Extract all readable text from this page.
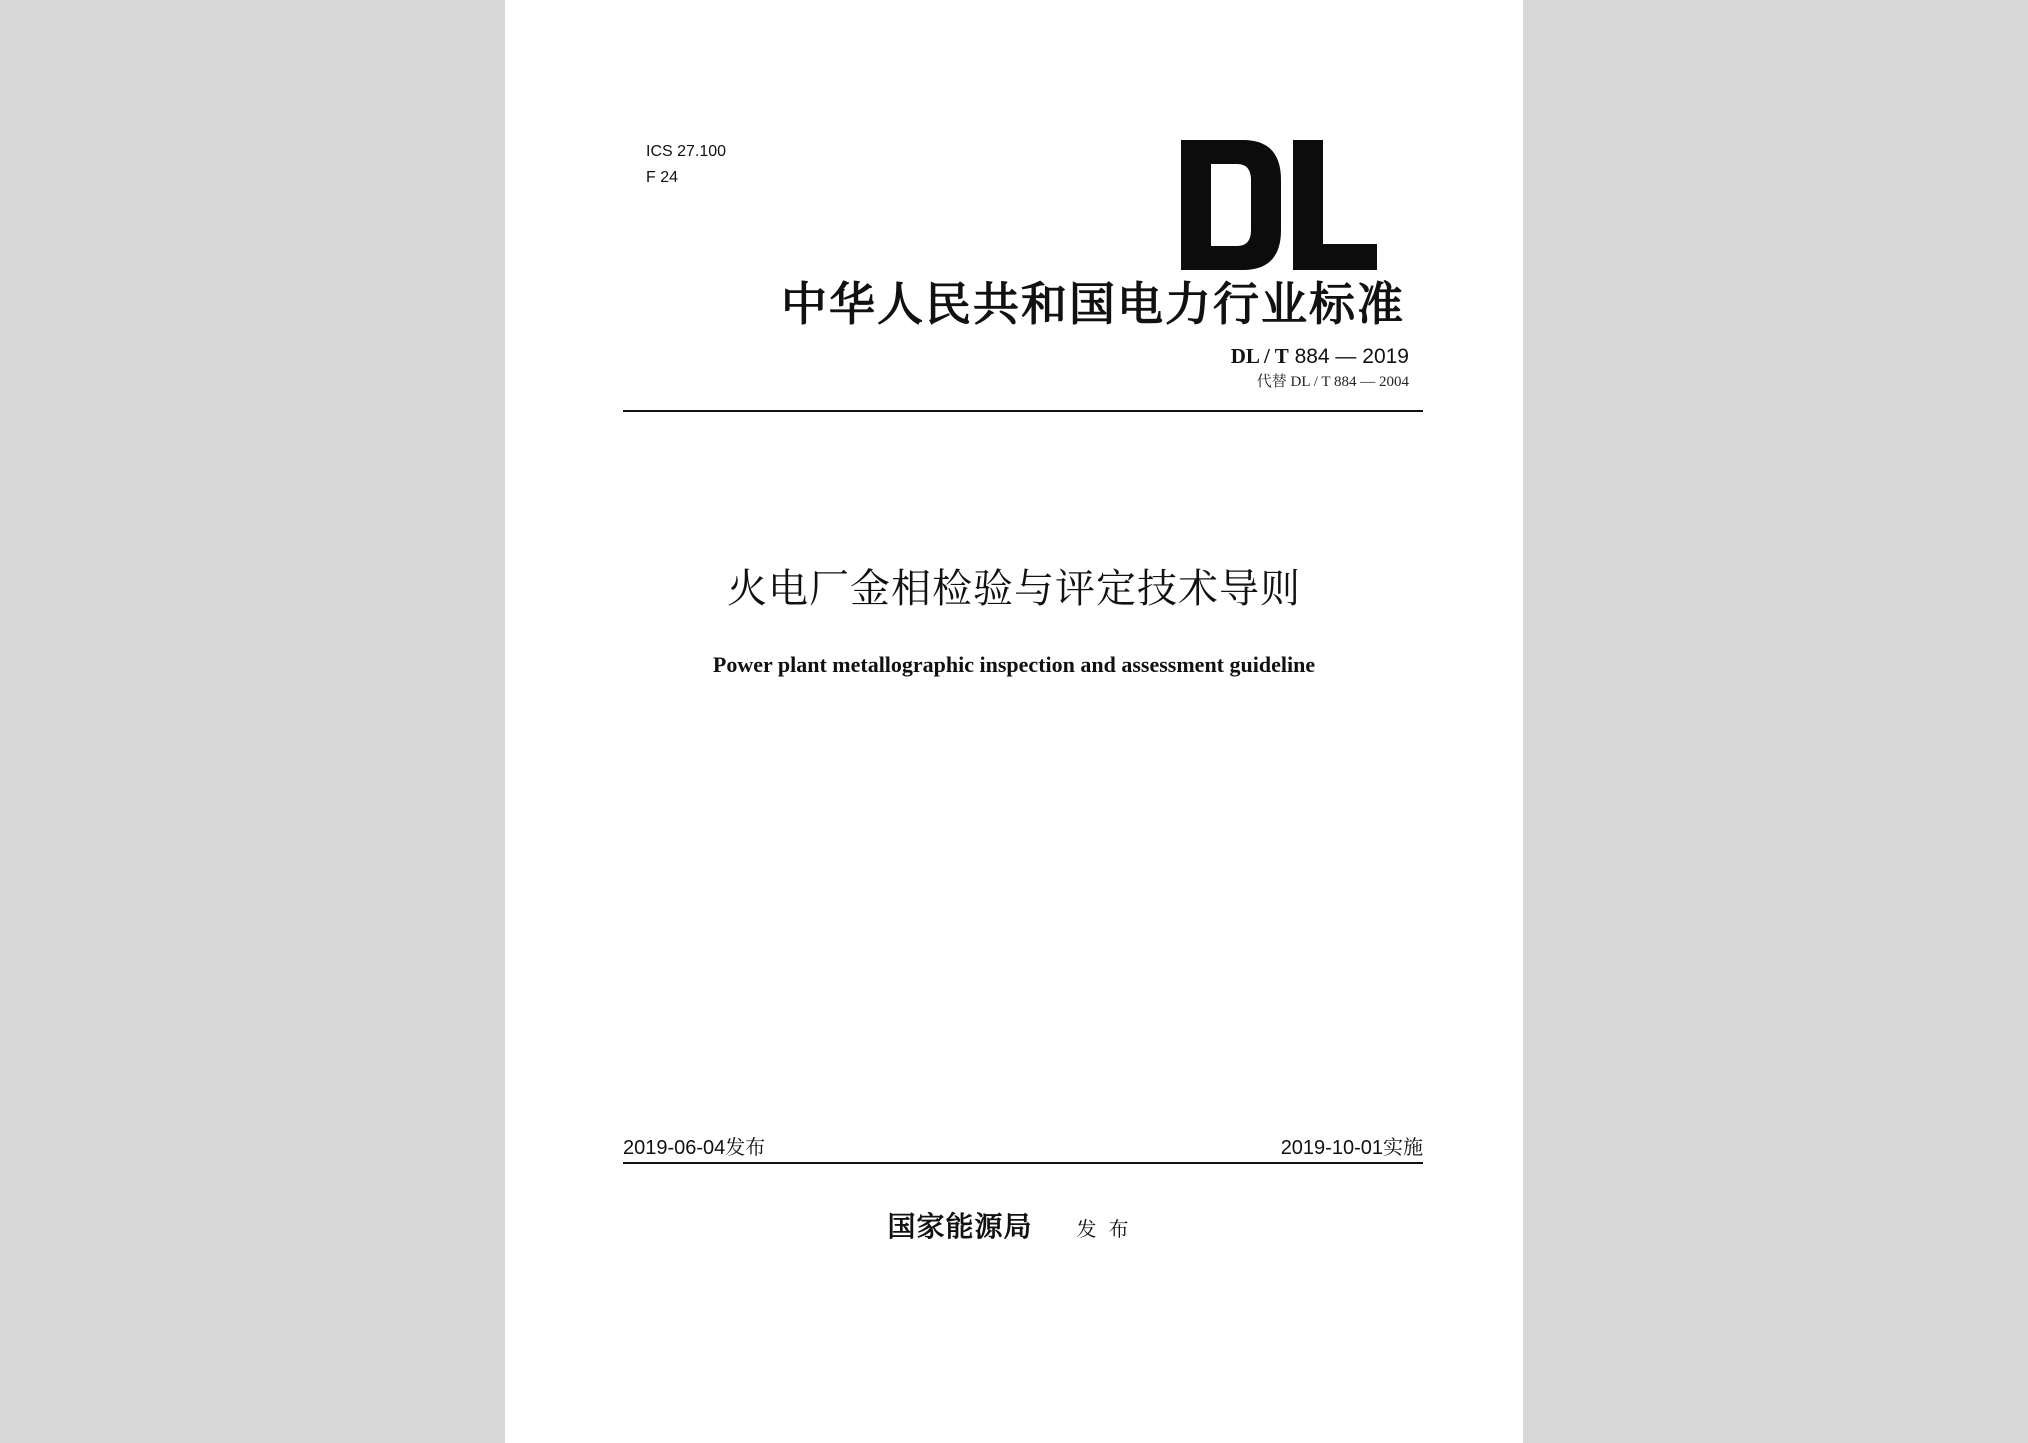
ICS 27.100
F 24
中华人民共和国电力行业标准
DL / T 884 — 2019
代替 DL / T 884 — 2004
火电厂金相检验与评定技术导则
Power plant metallographic inspection and assessment guideline
2019-06-04发布	2019-10-01实施
国家能源局 发布
